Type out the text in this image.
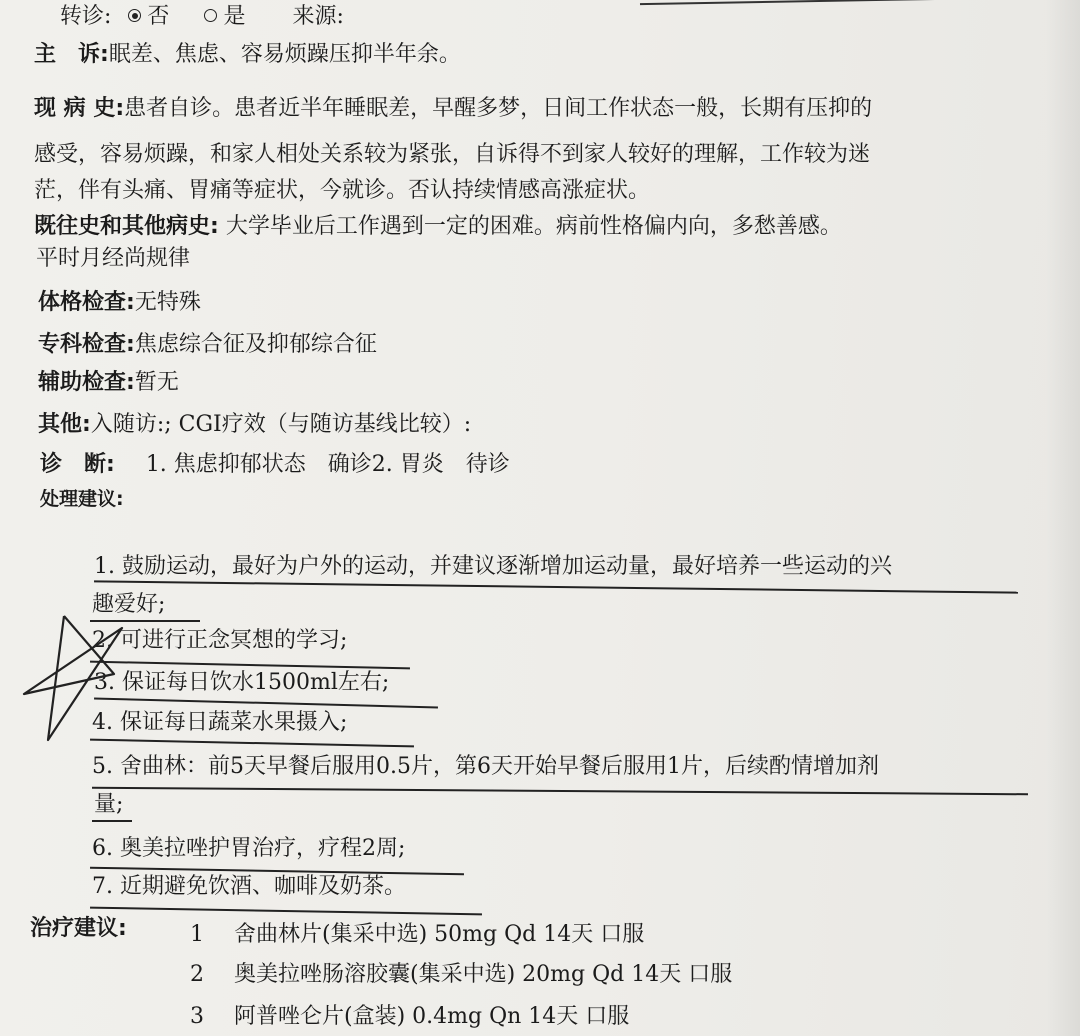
转诊: 否 是 来源:
主　诉:眠差、焦虑、容易烦躁压抑半年余。
现 病 史:患者自诊。患者近半年睡眠差，早醒多梦，日间工作状态一般，长期有压抑的
感受，容易烦躁，和家人相处关系较为紧张，自诉得不到家人较好的理解，工作较为迷
茫，伴有头痛、胃痛等症状，今就诊。否认持续情感高涨症状。
既往史和其他病史: 大学毕业后工作遇到一定的困难。病前性格偏内向，多愁善感。
平时月经尚规律
体格检查:无特殊
专科检查:焦虑综合征及抑郁综合征
辅助检查:暂无
其他:入随访:; CGI疗效（与随访基线比较）:
诊　断: 1. 焦虑抑郁状态　确诊2. 胃炎　待诊
处理建议:
1. 鼓励运动，最好为户外的运动，并建议逐渐增加运动量，最好培养一些运动的兴
趣爱好;
2. 可进行正念冥想的学习;
3. 保证每日饮水1500ml左右;
4. 保证每日蔬菜水果摄入;
5. 舍曲林：前5天早餐后服用0.5片，第6天开始早餐后服用1片，后续酌情增加剂
量;
6. 奥美拉唑护胃治疗，疗程2周;
7. 近期避免饮酒、咖啡及奶茶。
治疗建议:	1 舍曲林片(集采中选) 50mg Qd 14天 口服
2 奥美拉唑肠溶胶囊(集采中选) 20mg Qd 14天 口服
3 阿普唑仑片(盒装) 0.4mg Qn 14天 口服
